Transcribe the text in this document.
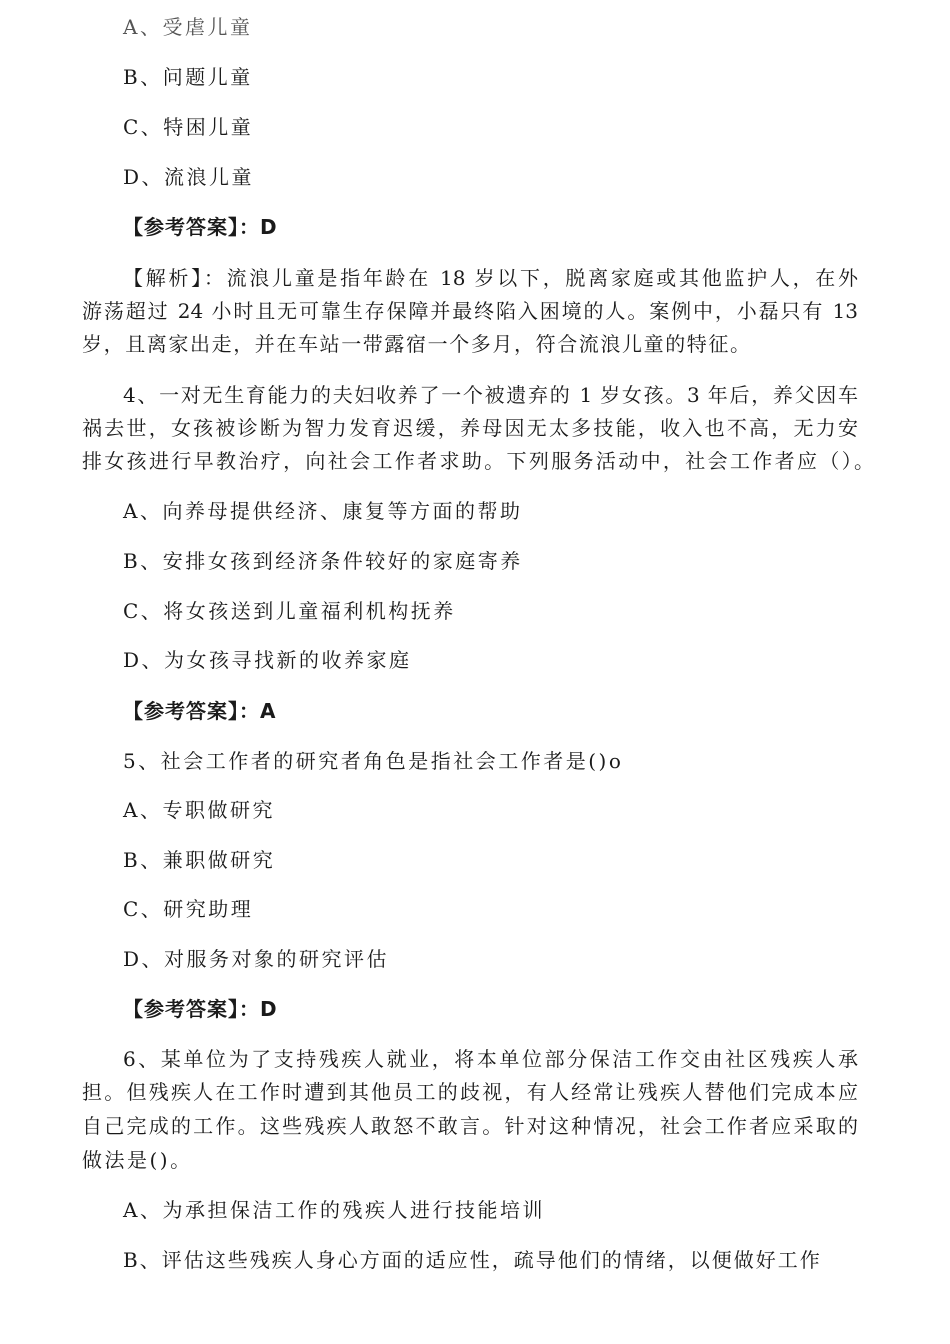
A、受虐儿童
B、问题儿童
C、特困儿童
D、流浪儿童
【参考答案】：D
【解析】：流浪儿童是指年龄在 18 岁以下，脱离家庭或其他监护人，在外
游荡超过 24 小时且无可靠生存保障并最终陷入困境的人。案例中，小磊只有 13
岁，且离家出走，并在车站一带露宿一个多月，符合流浪儿童的特征。
4、一对无生育能力的夫妇收养了一个被遗弃的 1 岁女孩。3 年后，养父因车
祸去世，女孩被诊断为智力发育迟缓，养母因无太多技能，收入也不高，无力安
排女孩进行早教治疗，向社会工作者求助。下列服务活动中，社会工作者应（）。
A、向养母提供经济、康复等方面的帮助
B、安排女孩到经济条件较好的家庭寄养
C、将女孩送到儿童福利机构抚养
D、为女孩寻找新的收养家庭
【参考答案】：A
5、社会工作者的研究者角色是指社会工作者是()o
A、专职做研究
B、兼职做研究
C、研究助理
D、对服务对象的研究评估
【参考答案】：D
6、某单位为了支持残疾人就业，将本单位部分保洁工作交由社区残疾人承
担。但残疾人在工作时遭到其他员工的歧视，有人经常让残疾人替他们完成本应
自己完成的工作。这些残疾人敢怒不敢言。针对这种情况，社会工作者应采取的
做法是()。
A、为承担保洁工作的残疾人进行技能培训
B、评估这些残疾人身心方面的适应性，疏导他们的情绪，以便做好工作
